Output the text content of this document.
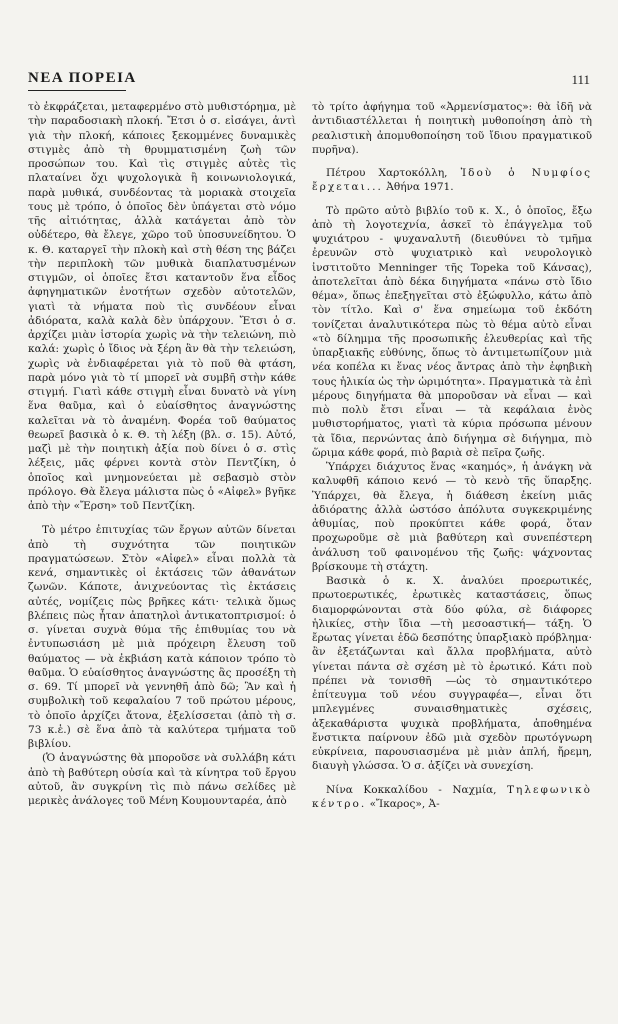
ΝΕΑ ΠΟΡΕΙΑ	111

τὸ ἐκφράζεται, μεταφερμένο στὸ μυθιστόρημα, μὲ τὴν παραδοσιακὴ πλοκή. Ἔτσι ὁ σ. εἰσάγει, ἀντὶ γιὰ τὴν πλοκή, κάποιες ξεκομμένες δυναμικὲς στιγμὲς ἀπὸ τὴ θρυμματισμένη ζωὴ τῶν προσώπων του. Καὶ τὶς στιγμὲς αὐτὲς τὶς πλαταίνει ὄχι ψυχολογικὰ ἢ κοινωνιολογικά, παρὰ μυθικά, συνδέοντας τὰ μοριακὰ στοιχεῖα τους μὲ τρόπο, ὁ ὁποῖος δὲν ὑπάγεται στὸ νόμο τῆς αἰτιότητας, ἀλλὰ κατάγεται ἀπὸ τὸν οὐδέτερο, θὰ ἔλεγε, χῶρο τοῦ ὑποσυνείδητου. Ὁ κ. Θ. καταργεῖ τὴν πλοκὴ καὶ στὴ θέση της βάζει τὴν περιπλοκὴ τῶν μυθικὰ διαπλατυσμένων στιγμῶν, οἱ ὁποῖες ἔτσι καταντοῦν ἕνα εἶδος ἀφηγηματικῶν ἑνοτήτων σχεδὸν αὐτοτελῶν, γιατὶ τὰ νήματα ποὺ τὶς συνδέουν εἶναι ἀδιόρατα, καλὰ καλὰ δὲν ὑπάρχουν. Ἔτσι ὁ σ. ἀρχίζει μιὰν ἱστορία χωρὶς νὰ τὴν τελειώνη, πιὸ καλά: χωρὶς ὁ ἴδιος νὰ ξέρη ἂν θὰ τὴν τελειώση, χωρὶς νὰ ἐνδιαφέρεται γιὰ τὸ ποῦ θὰ φτάση, παρὰ μόνο γιὰ τὸ τί μπορεῖ νὰ συμβῆ στὴν κάθε στιγμή. Γιατὶ κάθε στιγμὴ εἶναι δυνατὸ νὰ γίνη ἕνα θαῦμα, καὶ ὁ εὐαίσθητος ἀναγνώστης καλεῖται νὰ τὸ ἀναμένη. Φορέα τοῦ θαύματος θεωρεῖ βασικὰ ὁ κ. Θ. τὴ λέξη (βλ. σ. 15). Αὐτό, μαζὶ μὲ τὴν ποιητικὴ ἀξία ποὺ δίνει ὁ σ. στὶς λέξεις, μᾶς φέρνει κοντὰ στὸν Πεντζίκη, ὁ ὁποῖος καὶ μνημονεύεται μὲ σεβασμὸ στὸν πρόλογο. Θὰ ἔλεγα μάλιστα πὼς ὁ «Αἰφελ» βγῆκε ἀπὸ τὴν «Ἔρση» τοῦ Πεντζίκη.

Τὸ μέτρο ἐπιτυχίας τῶν ἔργων αὐτῶν δίνεται ἀπὸ τὴ συχνότητα τῶν ποιητικῶν πραγματώσεων. Στὸν «Αἰφελ» εἶναι πολλὰ τὰ κενά, σημαντικὲς οἱ ἐκτάσεις τῶν ἀθανάτων ζωνῶν. Κάποτε, ἀνιχνεύοντας τὶς ἐκτάσεις αὐτές, νομίζεις πὼς βρῆκες κάτι· τελικὰ ὅμως βλέπεις πὼς ἦταν ἀπατηλοὶ ἀντικατοπτρισμοί: ὁ σ. γίνεται συχνὰ θύμα τῆς ἐπιθυμίας του νὰ ἐντυπωσιάση μὲ μιὰ πρόχειρη ἔλευση τοῦ θαύματος — νὰ ἐκβιάση κατὰ κάποιον τρόπο τὸ θαῦμα. Ὁ εὐαίσθητος ἀναγνώστης ἂς προσέξη τὴ σ. 69. Τί μπορεῖ νὰ γεννηθῆ ἀπὸ δῶ; Ἂν καὶ ἡ συμβολικὴ τοῦ κεφαλαίου 7 τοῦ πρώτου μέρους, τὸ ὁποῖο ἀρχίζει ἄτονα, ἐξελίσσεται (ἀπὸ τὴ σ. 73 κ.ἑ.) σὲ ἕνα ἀπὸ τὰ καλύτερα τμήματα τοῦ βιβλίου.

(Ὁ ἀναγνώστης θὰ μποροῦσε νὰ συλλάβη κάτι ἀπὸ τὴ βαθύτερη οὐσία καὶ τὰ κίνητρα τοῦ ἔργου αὐτοῦ, ἂν συγκρίνη τὶς πιὸ πάνω σελίδες μὲ μερικὲς ἀνάλογες τοῦ Μένη Κουμουνταρέα, ἀπὸ

τὸ τρίτο ἀφήγημα τοῦ «Ἀρμενίσματος»: θὰ ἰδῆ νὰ ἀντιδιαστέλλεται ἡ ποιητικὴ μυθοποίηση ἀπὸ τὴ ρεαλιστικὴ ἀπομυθοποίηση τοῦ ἴδιου πραγματικοῦ πυρῆνα).

Πέτρου Χαρτοκόλλη, Ἰδοὺ ὁ Νυμφίος ἔρχεται... Ἀθήνα 1971.

Τὸ πρῶτο αὐτὸ βιβλίο τοῦ κ. Χ., ὁ ὁποῖος, ἔξω ἀπὸ τὴ λογοτεχνία, ἀσκεῖ τὸ ἐπάγγελμα τοῦ ψυχιάτρου - ψυχαναλυτῆ (διευθύνει τὸ τμῆμα ἐρευνῶν στὸ ψυχιατρικὸ καὶ νευρολογικὸ ἰνστιτοῦτο Menninger τῆς Topeka τοῦ Κάνσας), ἀποτελεῖται ἀπὸ δέκα διηγήματα «πάνω στὸ ἴδιο θέμα», ὅπως ἐπεξηγεῖται στὸ ἐξώφυλλο, κάτω ἀπὸ τὸν τίτλο. Καὶ σ' ἕνα σημείωμα τοῦ ἐκδότη τονίζεται ἀναλυτικότερα πὼς τὸ θέμα αὐτὸ εἶναι «τὸ δίλημμα τῆς προσωπικῆς ἐλευθερίας καὶ τῆς ὑπαρξιακῆς εὐθύνης, ὅπως τὸ ἀντιμετωπίζουν μιὰ νέα κοπέλα κι ἕνας νέος ἄντρας ἀπὸ τὴν ἐφηβικὴ τους ἡλικία ὡς τὴν ὡριμότητα». Πραγματικὰ τὰ ἐπὶ μέρους διηγήματα θὰ μποροῦσαν νὰ εἶναι — καὶ πιὸ πολὺ ἔτσι εἶναι — τὰ κεφάλαια ἑνὸς μυθιστορήματος, γιατὶ τὰ κύρια πρόσωπα μένουν τὰ ἴδια, περνώντας ἀπὸ διήγημα σὲ διήγημα, πιὸ ὥριμα κάθε φορά, πιὸ βαριὰ σὲ πεῖρα ζωῆς.

Ὑπάρχει διάχυτος ἕνας «καημός», ἡ ἀνάγκη νὰ καλυφθῆ κάποιο κενό — τὸ κενὸ τῆς ὕπαρξης. Ὑπάρχει, θὰ ἔλεγα, ἡ διάθεση ἐκείνη μιᾶς ἀδιόρατης ἀλλὰ ὡστόσο ἀπόλυτα συγκεκριμένης ἀθυμίας, ποὺ προκύπτει κάθε φορά, ὅταν προχωροῦμε σὲ μιὰ βαθύτερη καὶ συνεπέστερη ἀνάλυση τοῦ φαινομένου τῆς ζωῆς: ψάχνοντας βρίσκουμε τὴ στάχτη.

Βασικὰ ὁ κ. Χ. ἀναλύει προερωτικές, πρωτοερωτικές, ἐρωτικὲς καταστάσεις, ὅπως διαμορφώνονται στὰ δύο φύλα, σὲ διάφορες ἡλικίες, στὴν ἴδια —τὴ μεσοαστική— τάξη. Ὁ ἔρωτας γίνεται ἐδῶ δεσπότης ὑπαρξιακὸ πρόβλημα· ἂν ἐξετάζωνται καὶ ἄλλα προβλήματα, αὐτὸ γίνεται πάντα σὲ σχέση μὲ τὸ ἐρωτικό. Κάτι ποὺ πρέπει νὰ τονισθῆ —ὡς τὸ σημαντικότερο ἐπίτευγμα τοῦ νέου συγγραφέα—, εἶναι ὅτι μπλεγμένες συναισθηματικὲς σχέσεις, ἀξεκαθάριστα ψυχικὰ προβλήματα, ἀποθημένα ἔνστικτα παίρνουν ἐδῶ μιὰ σχεδὸν πρωτόγνωρη εὐκρίνεια, παρουσιασμένα μὲ μιὰν ἁπλή, ἤρεμη, διαυγὴ γλώσσα. Ὁ σ. ἀξίζει νὰ συνεχίση.

Νίνα Κοκκαλίδου - Ναχμία, Τηλεφωνικὸ κέντρο. «Ἴκαρος», Ἀ-
